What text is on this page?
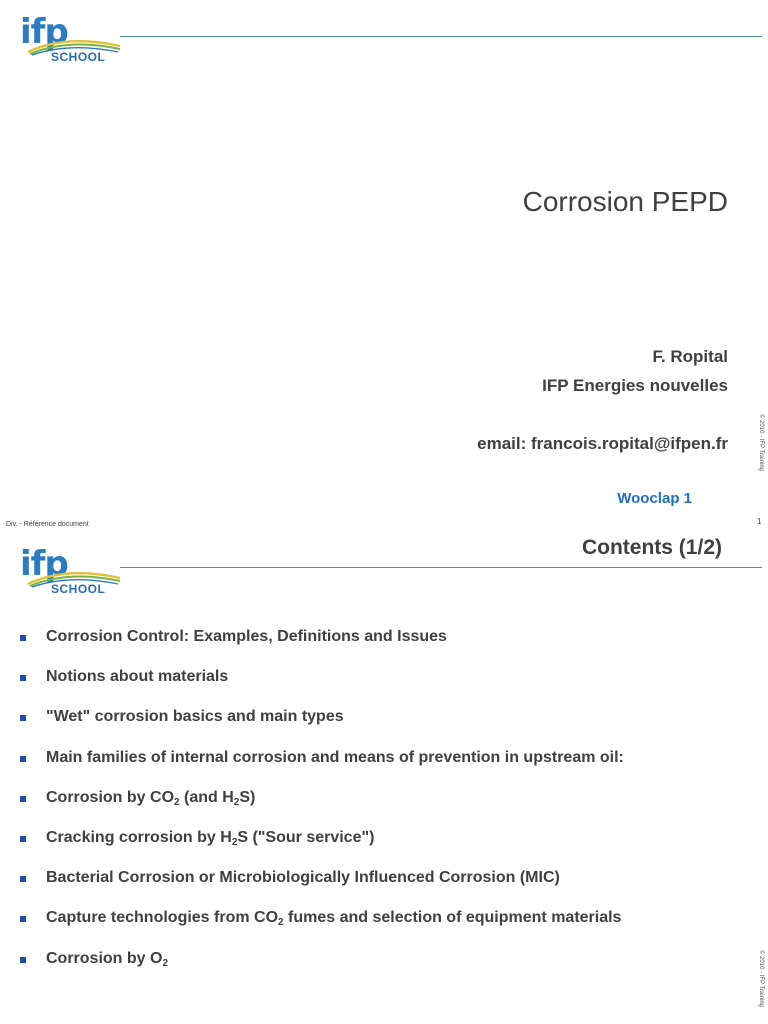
ifp
SCHOOL
Corrosion PEPD
F. Ropital
IFP Energies nouvelles
email: francois.ropital@ifpen.fr
Wooclap 1
© 2010 - IFP Training
Div. - Référence document	1
ifp
SCHOOL
Contents (1/2)
Corrosion Control: Examples, Definitions and Issues
Notions about materials
"Wet" corrosion basics and main types
Main families of internal corrosion and means of prevention in upstream oil:
Corrosion by $CO_2$ (and $H_2S$)
Cracking corrosion by $H_2S$ ("Sour service")
Bacterial Corrosion or Microbiologically Influenced Corrosion (MIC)
Capture technologies from $CO_2$ fumes and selection of equipment materials
Corrosion by $O_2$	© 2010 - IFP Training
